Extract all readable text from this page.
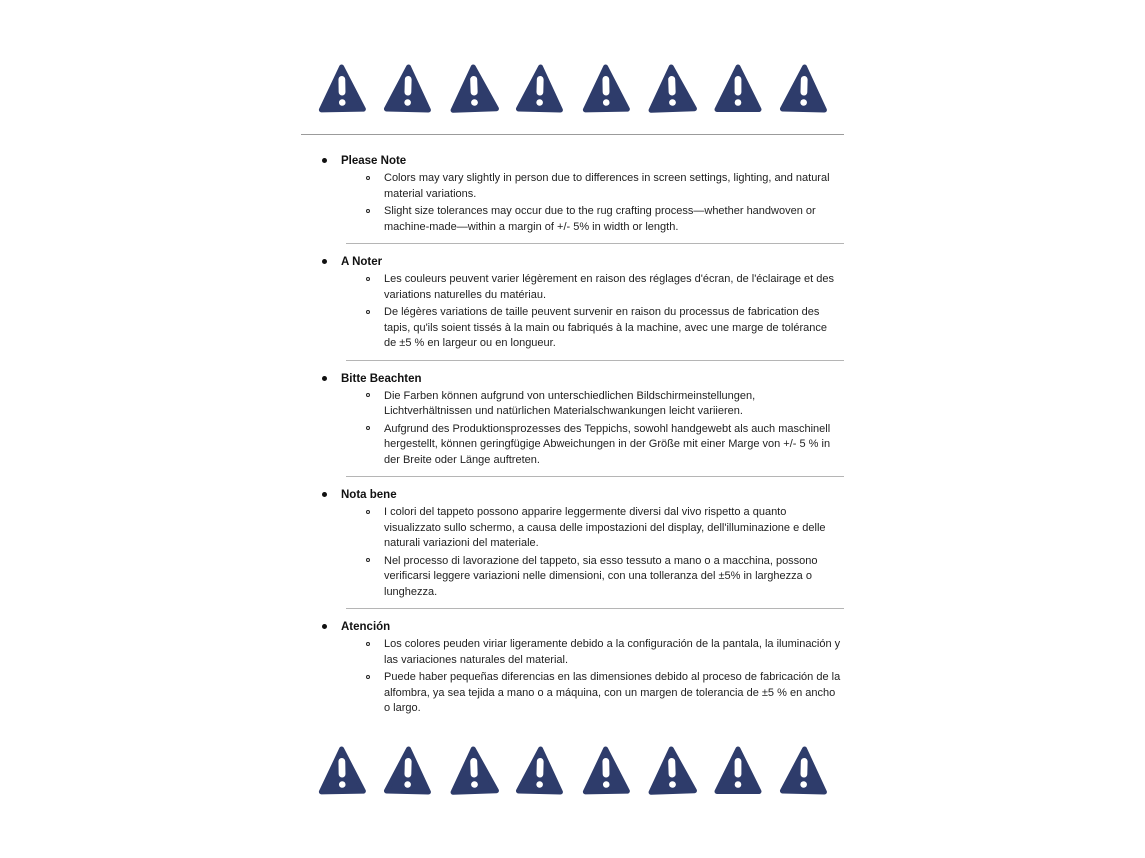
Please Note
Colors may vary slightly in person due to differences in screen settings, lighting, and natural material variations.
Slight size tolerances may occur due to the rug crafting process—whether handwoven or machine-made—within a margin of +/- 5% in width or length.
A Noter
Les couleurs peuvent varier légèrement en raison des réglages d'écran, de l'éclairage et des variations naturelles du matériau.
De légères variations de taille peuvent survenir en raison du processus de fabrication des tapis, qu'ils soient tissés à la main ou fabriqués à la machine, avec une marge de tolérance de ±5 % en largeur ou en longueur.
Bitte Beachten
Die Farben können aufgrund von unterschiedlichen Bildschirmeinstellungen, Lichtverhältnissen und natürlichen Materialschwankungen leicht variieren.
Aufgrund des Produktionsprozesses des Teppichs, sowohl handgewebt als auch maschinell hergestellt, können geringfügige Abweichungen in der Größe mit einer Marge von +/- 5 % in der Breite oder Länge auftreten.
Nota bene
I colori del tappeto possono apparire leggermente diversi dal vivo rispetto a quanto visualizzato sullo schermo, a causa delle impostazioni del display, dell'illuminazione e delle naturali variazioni del materiale.
Nel processo di lavorazione del tappeto, sia esso tessuto a mano o a macchina, possono verificarsi leggere variazioni nelle dimensioni, con una tolleranza del ±5% in larghezza o lunghezza.
Atención
Los colores peuden viriar ligeramente debido a la configuración de la pantala, la iluminación y las variaciones naturales del material.
Puede haber pequeñas diferencias en las dimensiones debido al proceso de fabricación de la alfombra, ya sea tejida a mano o a máquina, con un margen de tolerancia de ±5 % en ancho o largo.
